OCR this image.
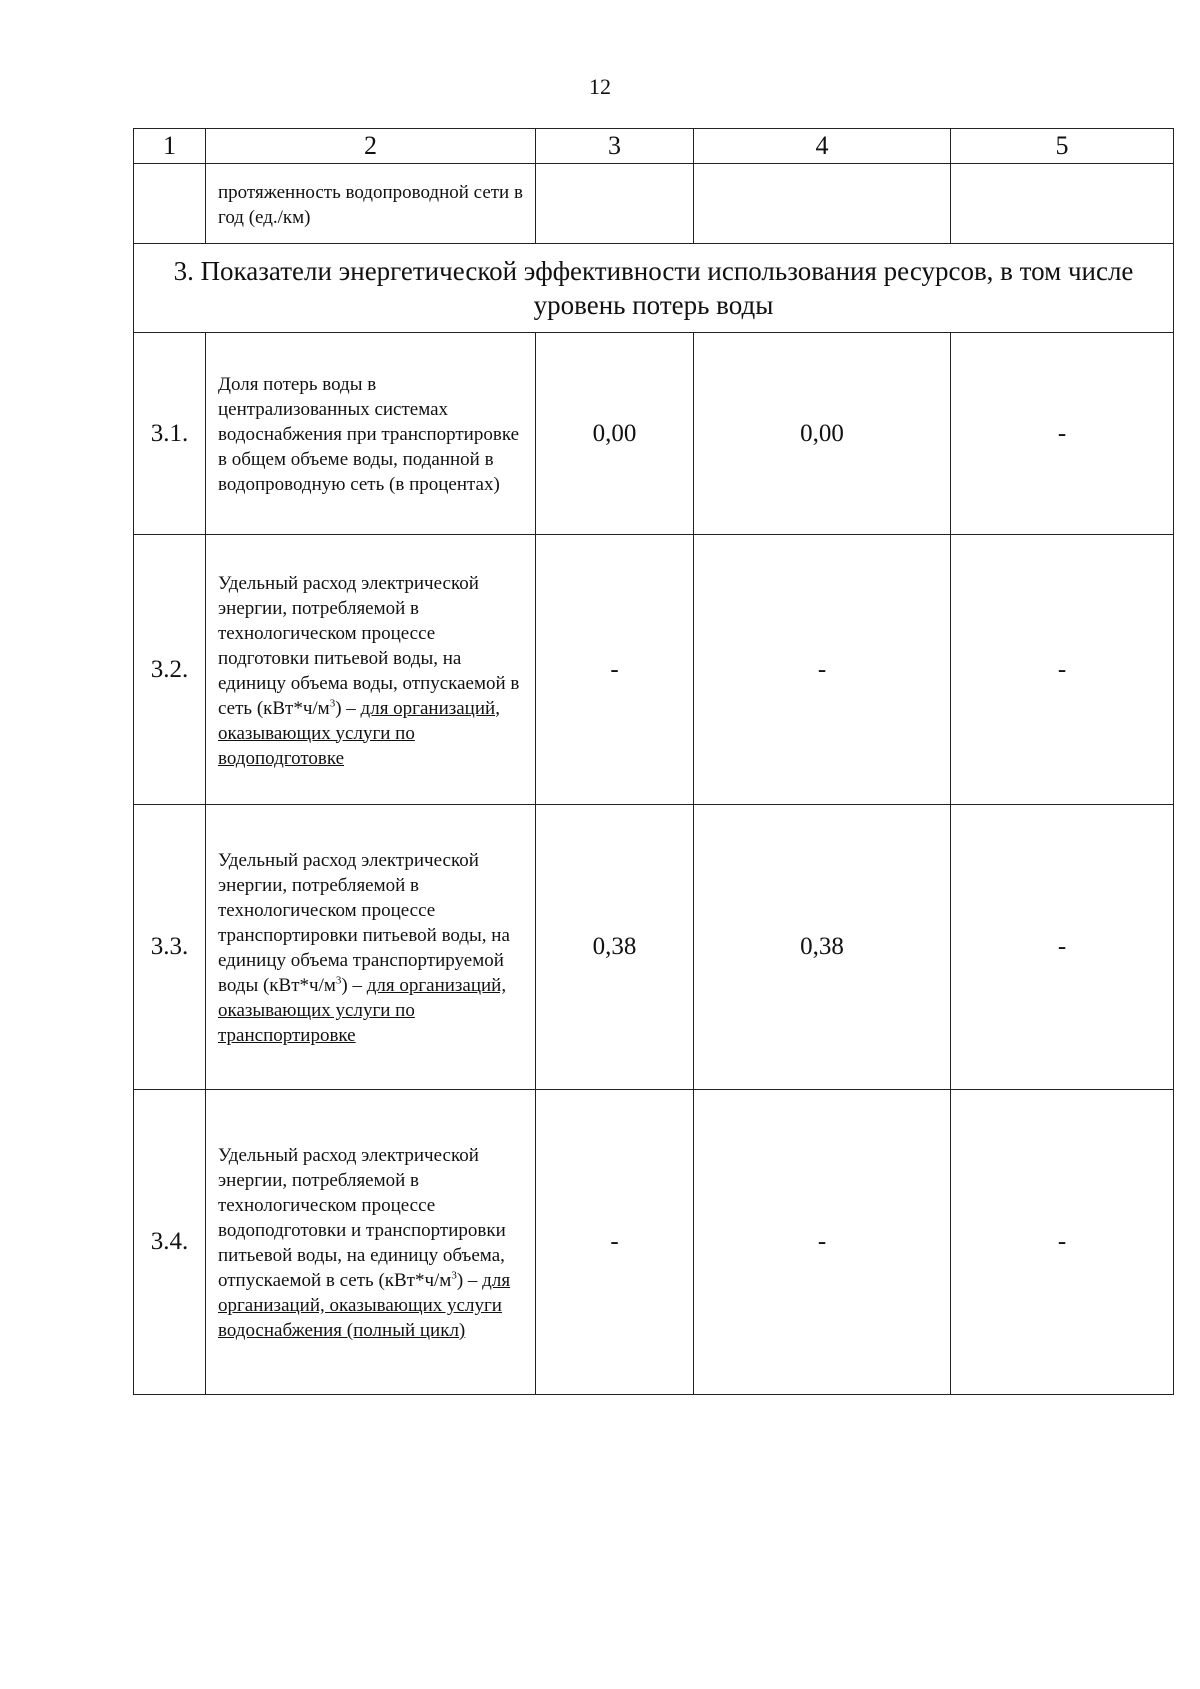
12
1	2	3	4	5
	протяженность водопроводной сети в год (ед./км)			
3. Показатели энергетической эффективности использования ресурсов, в том числе уровень потерь воды				
3.1.	Доля потерь воды в централизованных системах водоснабжения при транспортировке в общем объеме воды, поданной в водопроводную сеть (в процентах)	0,00	0,00	-
3.2.	Удельный расход электрической энергии, потребляемой в технологическом процессе подготовки питьевой воды, на единицу объема воды, отпускаемой в сеть $(кВт*ч/м^3)$ – для организаций, оказывающих услуги по водоподготовке	-	-	-
3.3.	Удельный расход электрической энергии, потребляемой в технологическом процессе транспортировки питьевой воды, на единицу объема транспортируемой воды $(кВт*ч/м^3)$ – для организаций, оказывающих услуги по транспортировке	0,38	0,38	-
3.4.	Удельный расход электрической энергии, потребляемой в технологическом процессе водоподготовки и транспортировки питьевой воды, на единицу объема, отпускаемой в сеть $(кВт*ч/м^3)$ – для организаций, оказывающих услуги водоснабжения (полный цикл)	-	-	-
